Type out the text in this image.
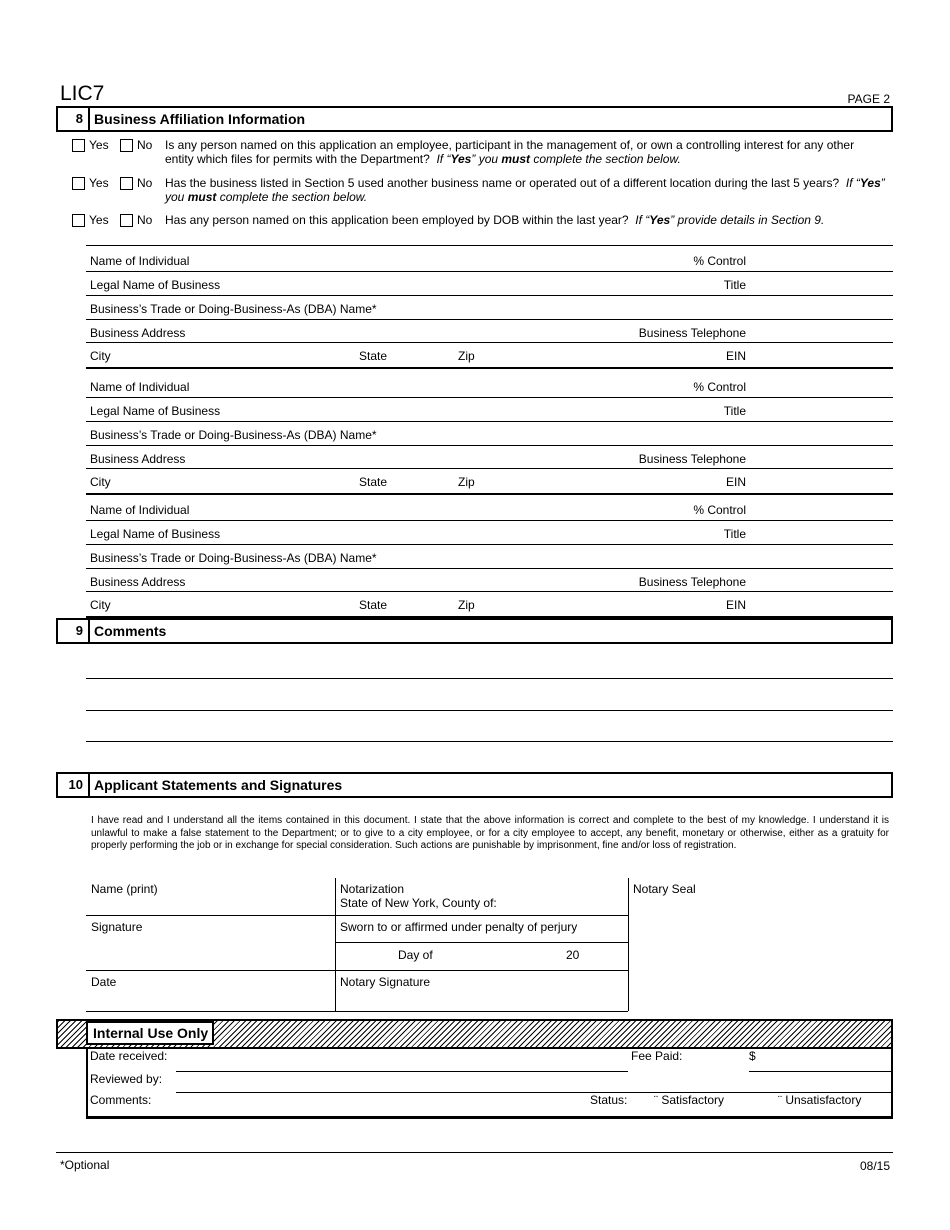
LIC7	PAGE 2
8 Business Affiliation Information
Yes	No Is any person named on this application an employee, participant in the management of, or own a controlling interest for any other entity which files for permits with the Department? If “Yes” you must complete the section below.
Yes	No Has the business listed in Section 5 used another business name or operated out of a different location during the last 5 years? If “Yes” you must complete the section below.
Yes	No Has any person named on this application been employed by DOB within the last year? If “Yes” provide details in Section 9.
Name of Individual	% Control
Legal Name of Business	Title
Business’s Trade or Doing-Business-As (DBA) Name*
Business Address	Business Telephone
City	State	Zip	EIN
Name of Individual	% Control
Legal Name of Business	Title
Business’s Trade or Doing-Business-As (DBA) Name*
Business Address	Business Telephone
City	State	Zip	EIN
Name of Individual	% Control
Legal Name of Business	Title
Business’s Trade or Doing-Business-As (DBA) Name*
Business Address	Business Telephone
City	State	Zip	EIN
9 Comments
10 Applicant Statements and Signatures
I have read and I understand all the items contained in this document. I state that the above information is correct and complete to the best of my knowledge. I understand it is unlawful to make a false statement to the Department; or to give to a city employee, or for a city employee to accept, any benefit, monetary or otherwise, either as a gratuity for properly performing the job or in exchange for special consideration. Such actions are punishable by imprisonment, fine and/or loss of registration.
Name (print)	Notarization
State of New York, County of:
Notary Seal
Signature	Sworn to or affirmed under penalty of perjury
Day of	20
Date	Notary Signature
Internal Use Only
Date received:	Fee Paid:	$
Reviewed by:
Comments:	Status: ¨ Satisfactory	¨ Unsatisfactory
*Optional	08/15
